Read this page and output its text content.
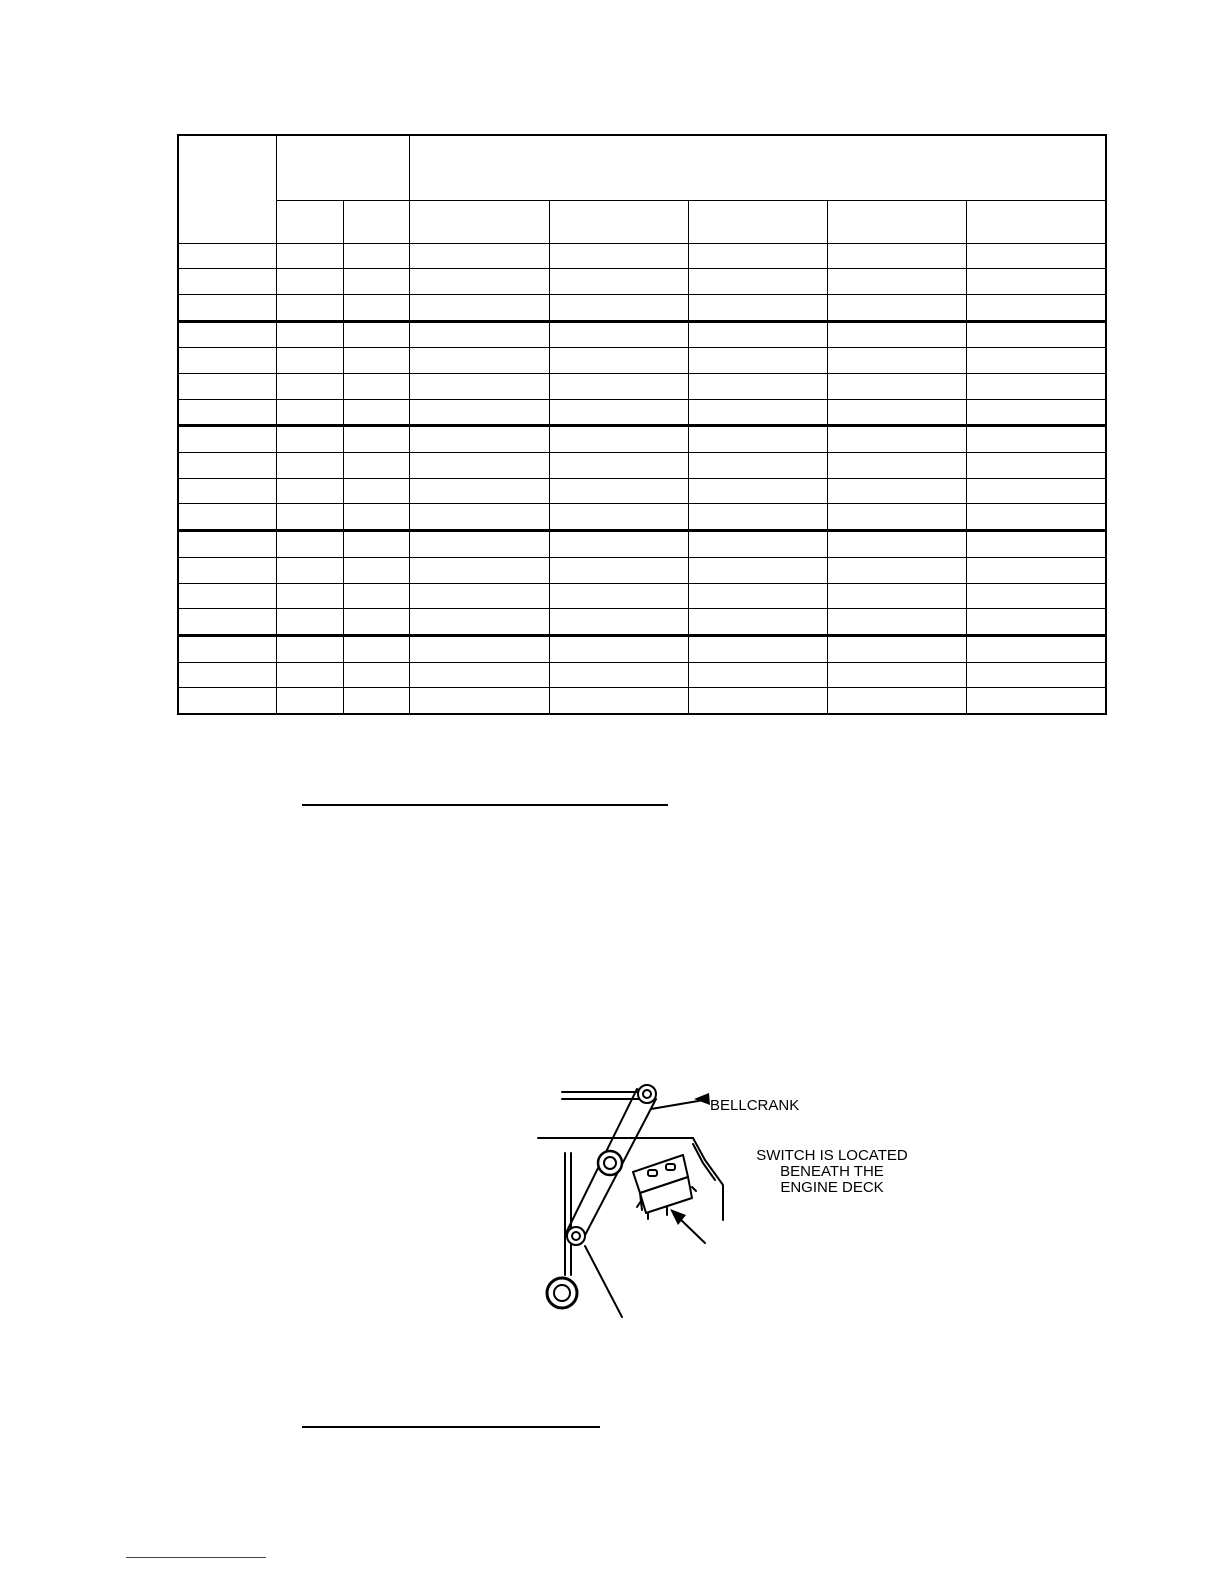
BELLCRANK

SWITCH IS LOCATED

BENEATH THE

ENGINE DECK
